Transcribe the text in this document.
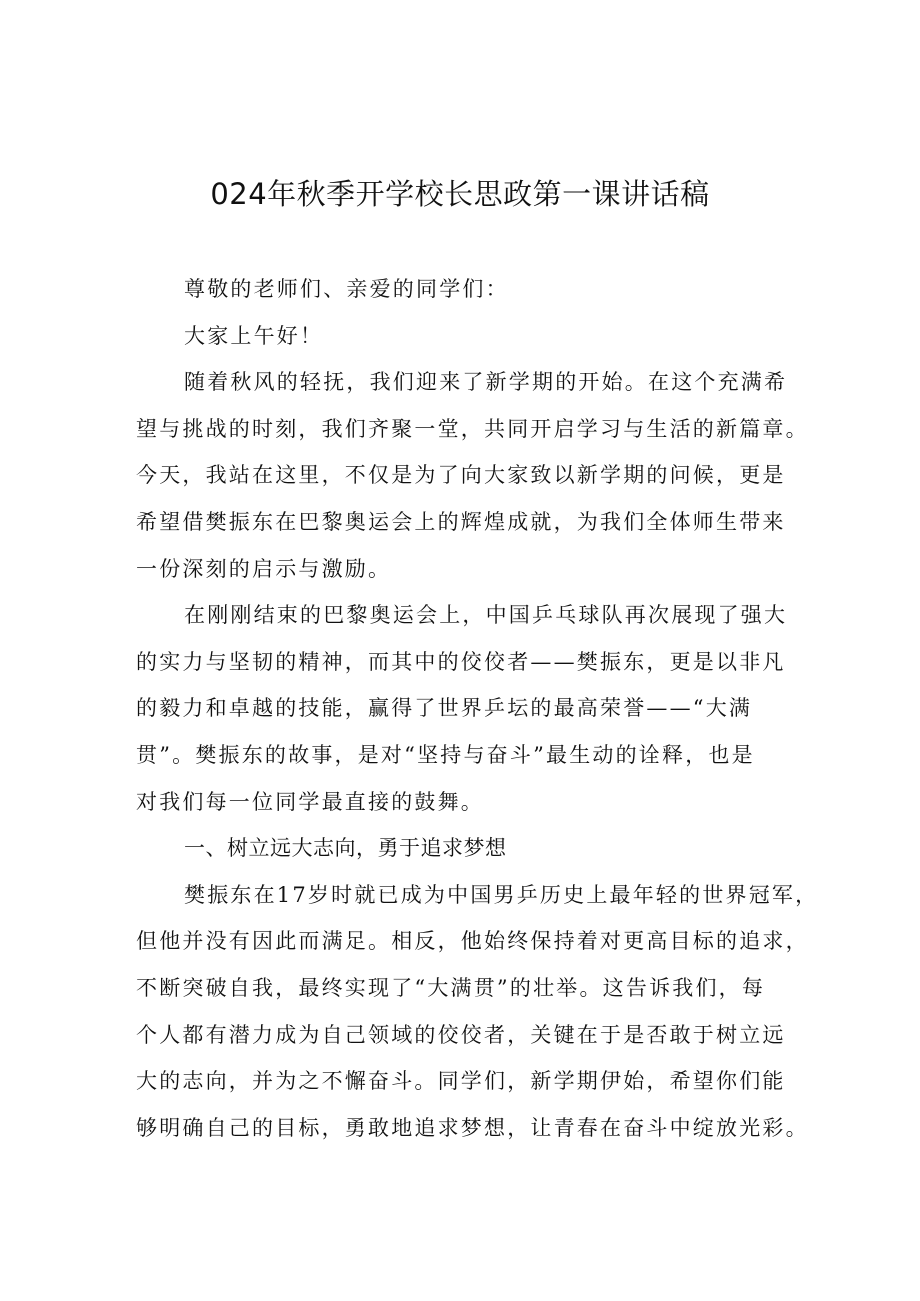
024年秋季开学校长思政第一课讲话稿

尊敬的老师们、亲爱的同学们：

大家上午好！

随着秋风的轻抚，我们迎来了新学期的开始。在这个充满希

望与挑战的时刻，我们齐聚一堂，共同开启学习与生活的新篇章。

今天，我站在这里，不仅是为了向大家致以新学期的问候，更是

希望借樊振东在巴黎奥运会上的辉煌成就，为我们全体师生带来

一份深刻的启示与激励。

在刚刚结束的巴黎奥运会上，中国乒乓球队再次展现了强大

的实力与坚韧的精神，而其中的佼佼者——樊振东，更是以非凡

的毅力和卓越的技能，赢得了世界乒坛的最高荣誉——“大满

贯”。樊振东的故事，是对“坚持与奋斗”最生动的诠释，也是

对我们每一位同学最直接的鼓舞。

一、树立远大志向，勇于追求梦想

樊振东在17岁时就已成为中国男乒历史上最年轻的世界冠军，

但他并没有因此而满足。相反，他始终保持着对更高目标的追求，

不断突破自我，最终实现了“大满贯”的壮举。这告诉我们，每

个人都有潜力成为自己领域的佼佼者，关键在于是否敢于树立远

大的志向，并为之不懈奋斗。同学们，新学期伊始，希望你们能

够明确自己的目标，勇敢地追求梦想，让青春在奋斗中绽放光彩。
